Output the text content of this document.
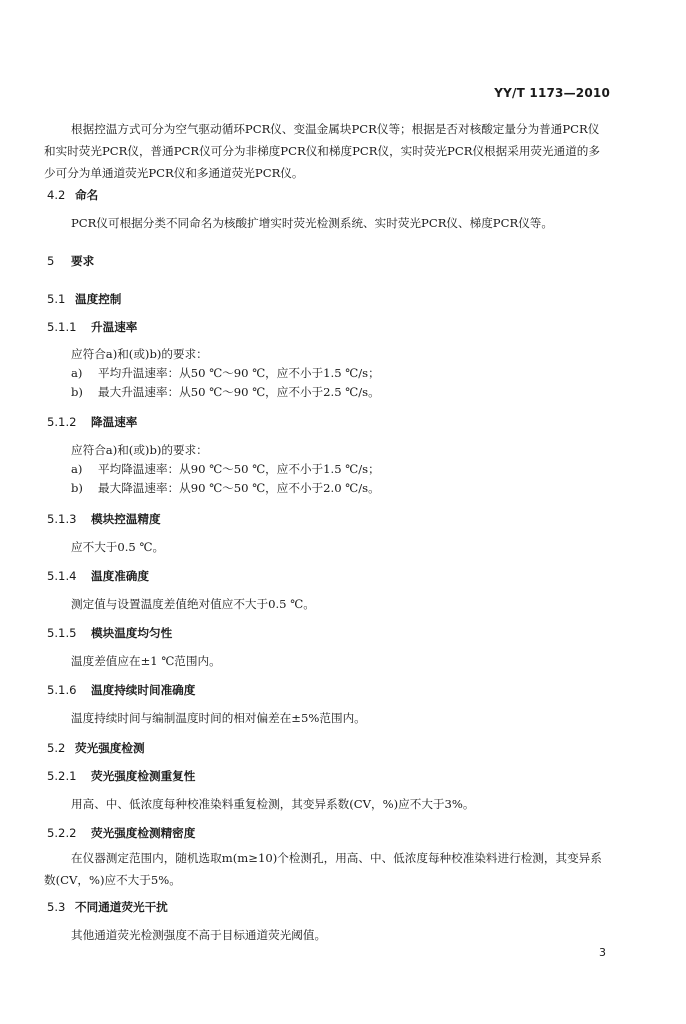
YY/T 1173—2010
根据控温方式可分为空气驱动循环PCR仪、变温金属块PCR仪等；根据是否对核酸定量分为普通PCR仪和实时荧光PCR仪，普通PCR仪可分为非梯度PCR仪和梯度PCR仪，实时荧光PCR仪根据采用荧光通道的多少可分为单通道荧光PCR仪和多通道荧光PCR仪。
4.2 命名
PCR仪可根据分类不同命名为核酸扩增实时荧光检测系统、实时荧光PCR仪、梯度PCR仪等。
5 要求
5.1 温度控制
5.1.1 升温速率
应符合a)和(或)b)的要求：
a) 平均升温速率：从50 ℃～90 ℃，应不小于1.5 ℃/s；
b) 最大升温速率：从50 ℃～90 ℃，应不小于2.5 ℃/s。
5.1.2 降温速率
应符合a)和(或)b)的要求：
a) 平均降温速率：从90 ℃～50 ℃，应不小于1.5 ℃/s；
b) 最大降温速率：从90 ℃～50 ℃，应不小于2.0 ℃/s。
5.1.3 模块控温精度
应不大于0.5 ℃。
5.1.4 温度准确度
测定值与设置温度差值绝对值应不大于0.5 ℃。
5.1.5 模块温度均匀性
温度差值应在±1 ℃范围内。
5.1.6 温度持续时间准确度
温度持续时间与编制温度时间的相对偏差在±5%范围内。
5.2 荧光强度检测
5.2.1 荧光强度检测重复性
用高、中、低浓度每种校准染料重复检测，其变异系数(CV，%)应不大于3%。
5.2.2 荧光强度检测精密度
在仪器测定范围内，随机选取m(m≥10)个检测孔，用高、中、低浓度每种校准染料进行检测，其变异系数(CV，%)应不大于5%。
5.3 不同通道荧光干扰
其他通道荧光检测强度不高于目标通道荧光阈值。
3
